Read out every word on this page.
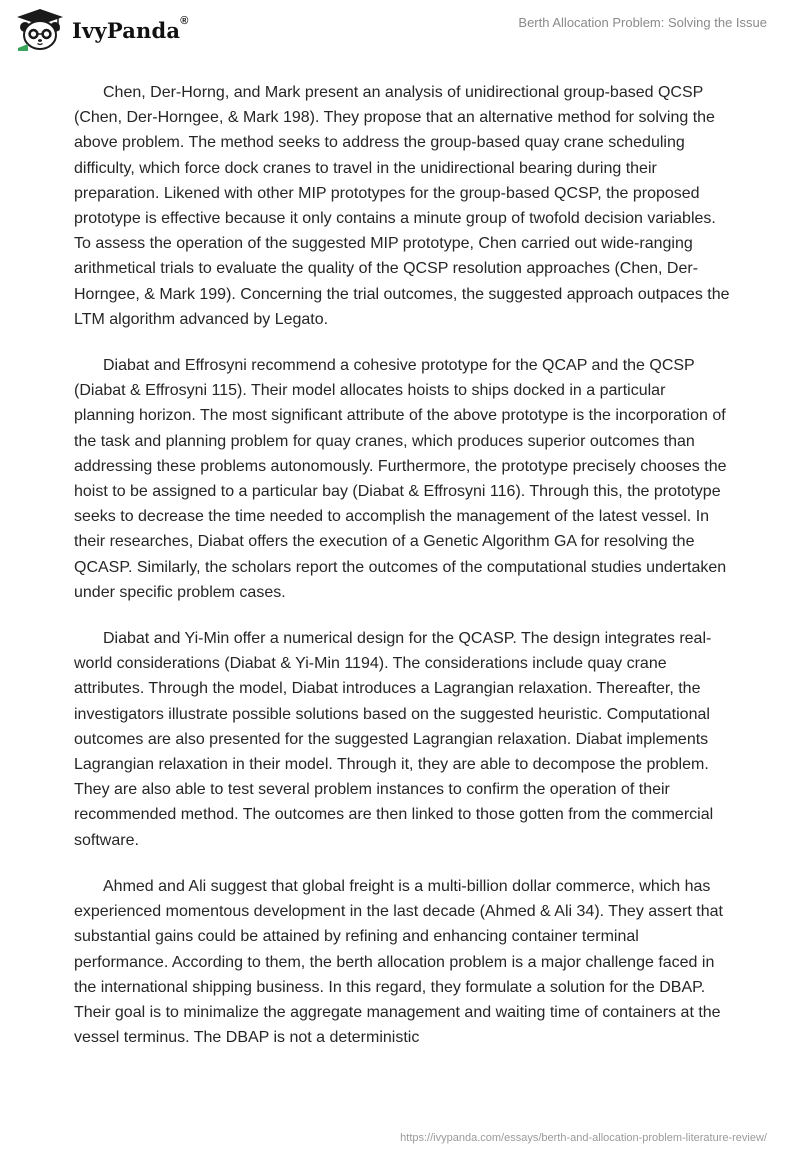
IvyPanda®	Berth Allocation Problem: Solving the Issue

Chen, Der-Horng, and Mark present an analysis of unidirectional group-based QCSP (Chen, Der-Horngee, & Mark 198). They propose that an alternative method for solving the above problem. The method seeks to address the group-based quay crane scheduling difficulty, which force dock cranes to travel in the unidirectional bearing during their preparation. Likened with other MIP prototypes for the group-based QCSP, the proposed prototype is effective because it only contains a minute group of twofold decision variables. To assess the operation of the suggested MIP prototype, Chen carried out wide-ranging arithmetical trials to evaluate the quality of the QCSP resolution approaches (Chen, Der-Horngee, & Mark 199). Concerning the trial outcomes, the suggested approach outpaces the LTM algorithm advanced by Legato.

Diabat and Effrosyni recommend a cohesive prototype for the QCAP and the QCSP (Diabat & Effrosyni 115). Their model allocates hoists to ships docked in a particular planning horizon. The most significant attribute of the above prototype is the incorporation of the task and planning problem for quay cranes, which produces superior outcomes than addressing these problems autonomously. Furthermore, the prototype precisely chooses the hoist to be assigned to a particular bay (Diabat & Effrosyni 116). Through this, the prototype seeks to decrease the time needed to accomplish the management of the latest vessel. In their researches, Diabat offers the execution of a Genetic Algorithm GA for resolving the QCASP. Similarly, the scholars report the outcomes of the computational studies undertaken under specific problem cases.

Diabat and Yi-Min offer a numerical design for the QCASP. The design integrates real-world considerations (Diabat & Yi-Min 1194). The considerations include quay crane attributes. Through the model, Diabat introduces a Lagrangian relaxation. Thereafter, the investigators illustrate possible solutions based on the suggested heuristic. Computational outcomes are also presented for the suggested Lagrangian relaxation. Diabat implements Lagrangian relaxation in their model. Through it, they are able to decompose the problem. They are also able to test several problem instances to confirm the operation of their recommended method. The outcomes are then linked to those gotten from the commercial software.

Ahmed and Ali suggest that global freight is a multi-billion dollar commerce, which has experienced momentous development in the last decade (Ahmed & Ali 34). They assert that substantial gains could be attained by refining and enhancing container terminal performance. According to them, the berth allocation problem is a major challenge faced in the international shipping business. In this regard, they formulate a solution for the DBAP. Their goal is to minimalize the aggregate management and waiting time of containers at the vessel terminus. The DBAP is not a deterministic

https://ivypanda.com/essays/berth-and-allocation-problem-literature-review/
